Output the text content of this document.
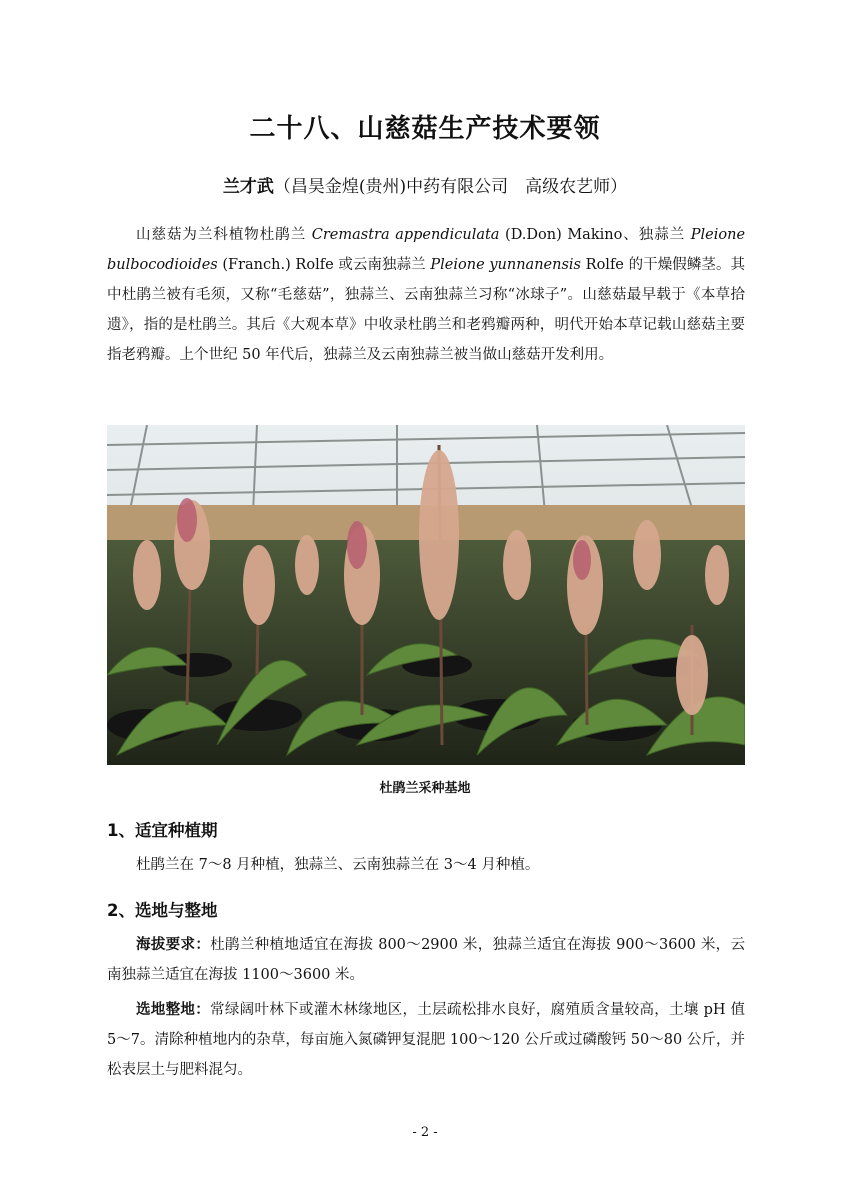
二十八、山慈菇生产技术要领
兰才武（昌昊金煌(贵州)中药有限公司　高级农艺师）
山慈菇为兰科植物杜鹃兰 Cremastra appendiculata (D.Don) Makino、独蒜兰 Pleione bulbocodioides (Franch.) Rolfe 或云南独蒜兰 Pleione yunnanensis Rolfe 的干燥假鳞茎。其中杜鹃兰被有毛须，又称“毛慈菇”，独蒜兰、云南独蒜兰习称“冰球子”。山慈菇最早载于《本草拾遗》，指的是杜鹃兰。其后《大观本草》中收录杜鹃兰和老鸦瓣两种，明代开始本草记载山慈菇主要指老鸦瓣。上个世纪 50 年代后，独蒜兰及云南独蒜兰被当做山慈菇开发利用。
杜鹃兰采种基地
1、适宜种植期
杜鹃兰在 7～8 月种植，独蒜兰、云南独蒜兰在 3～4 月种植。
2、选地与整地
海拔要求：杜鹃兰种植地适宜在海拔 800～2900 米，独蒜兰适宜在海拔 900～3600 米，云南独蒜兰适宜在海拔 1100～3600 米。
选地整地：常绿阔叶林下或灌木林缘地区，土层疏松排水良好，腐殖质含量较高，土壤 pH 值 5～7。清除种植地内的杂草，每亩施入氮磷钾复混肥 100～120 公斤或过磷酸钙 50～80 公斤，并松表层土与肥料混匀。
- 2 -
